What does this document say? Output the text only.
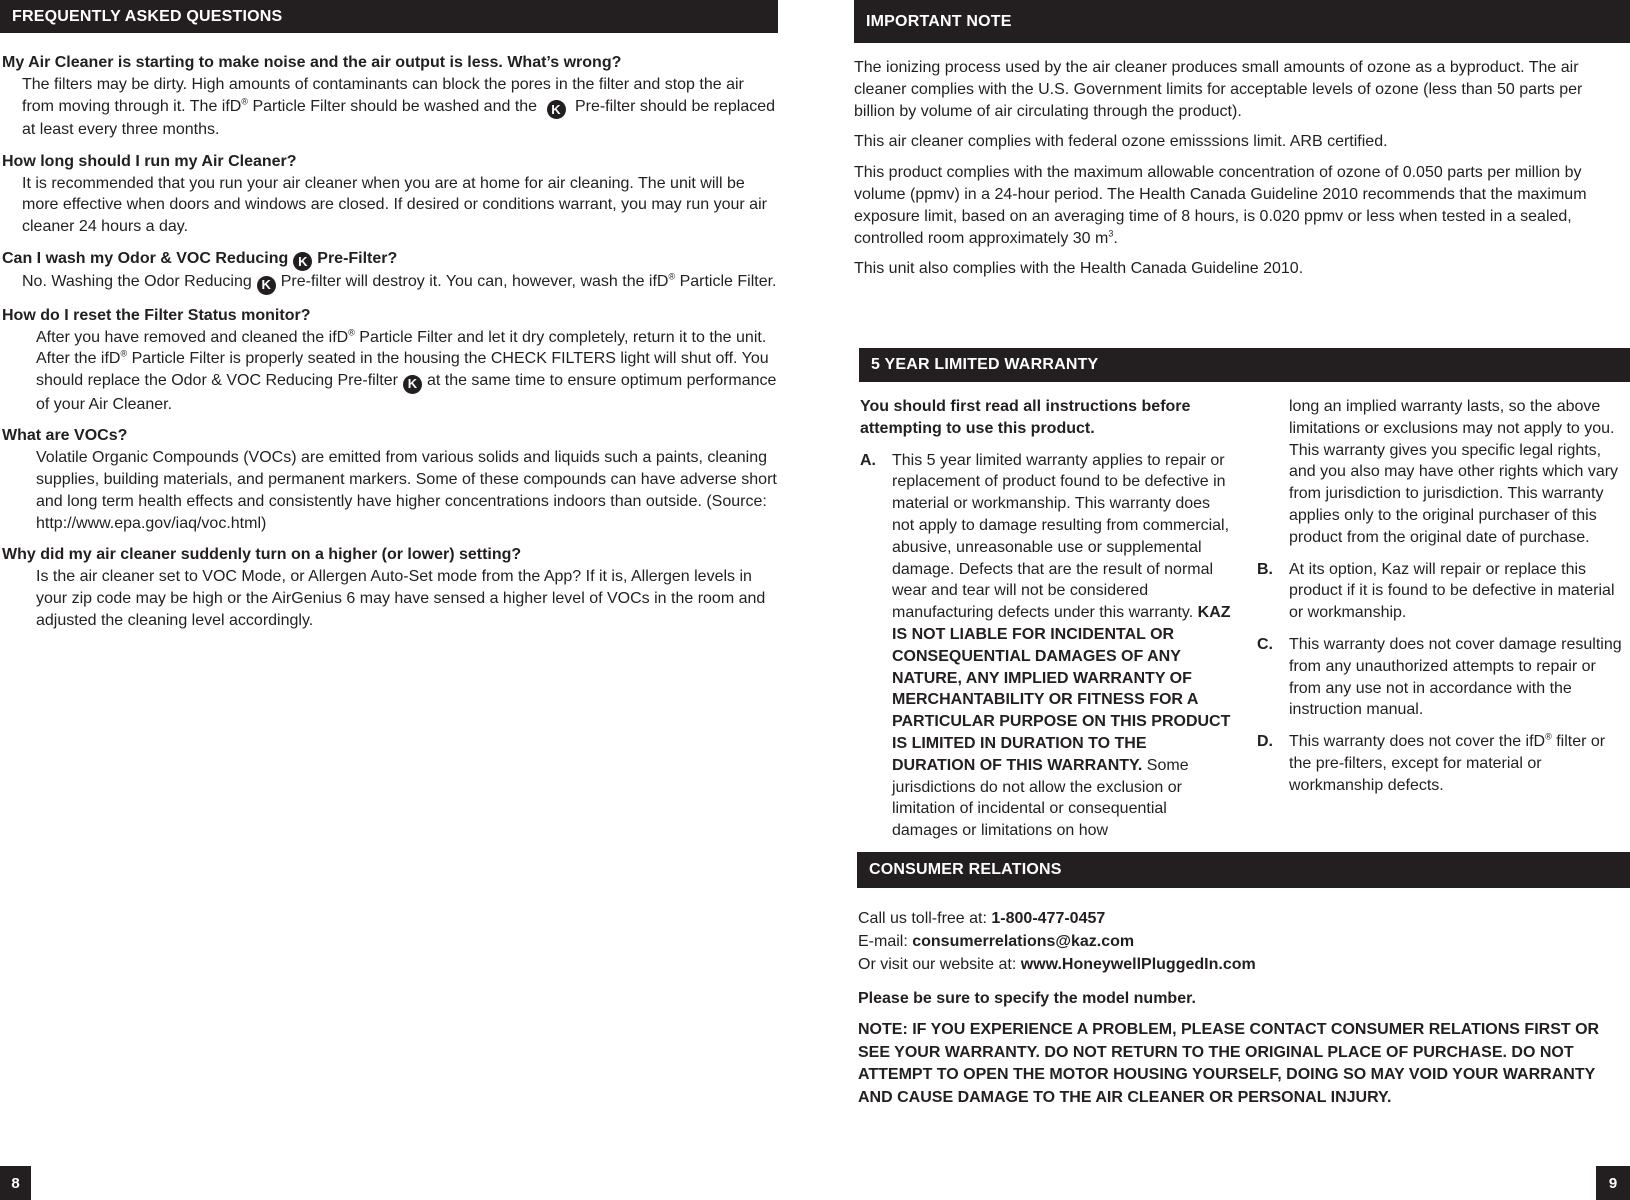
FREQUENTLY ASKED QUESTIONS

My Air Cleaner is starting to make noise and the air output is less. What’s wrong?

The filters may be dirty. High amounts of contaminants can block the pores in the filter and stop the air from moving through it. The ifD® Particle Filter should be washed and the K Pre-filter should be replaced at least every three months.

How long should I run my Air Cleaner?

It is recommended that you run your air cleaner when you are at home for air cleaning. The unit will be more effective when doors and windows are closed. If desired or conditions warrant, you may run your air cleaner 24 hours a day.

Can I wash my Odor & VOC Reducing K Pre-Filter?

No. Washing the Odor Reducing K Pre-filter will destroy it. You can, however, wash the ifD® Particle Filter.

How do I reset the Filter Status monitor?

After you have removed and cleaned the ifD® Particle Filter and let it dry completely, return it to the unit. After the ifD® Particle Filter is properly seated in the housing the CHECK FILTERS light will shut off. You should replace the Odor & VOC Reducing Pre-filter K at the same time to ensure optimum performance of your Air Cleaner.

What are VOCs?

Volatile Organic Compounds (VOCs) are emitted from various solids and liquids such a paints, cleaning supplies, building materials, and permanent markers. Some of these compounds can have adverse short and long term health effects and consistently have higher concentrations indoors than outside. (Source: http://www.epa.gov/iaq/voc.html)

Why did my air cleaner suddenly turn on a higher (or lower) setting?

Is the air cleaner set to VOC Mode, or Allergen Auto-Set mode from the App? If it is, Allergen levels in your zip code may be high or the AirGenius 6 may have sensed a higher level of VOCs in the room and adjusted the cleaning level accordingly.

8
IMPORTANT NOTE

The ionizing process used by the air cleaner produces small amounts of ozone as a byproduct. The air cleaner complies with the U.S. Government limits for acceptable levels of ozone (less than 50 parts per billion by volume of air circulating through the product).

This air cleaner complies with federal ozone emisssions limit. ARB certified.

This product complies with the maximum allowable concentration of ozone of 0.050 parts per million by volume (ppmv) in a 24-hour period. The Health Canada Guideline 2010 recommends that the maximum exposure limit, based on an averaging time of 8 hours, is 0.020 ppmv or less when tested in a sealed, controlled room approximately 30 $m^3$.

This unit also complies with the Health Canada Guideline 2010.

5 YEAR LIMITED WARRANTY

You should first read all instructions before attempting to use this product.

A. This 5 year limited warranty applies to repair or replacement of product found to be defective in material or workmanship. This warranty does not apply to damage resulting from commercial, abusive, unreasonable use or supplemental damage. Defects that are the result of normal wear and tear will not be considered manufacturing defects under this warranty. KAZ IS NOT LIABLE FOR INCIDENTAL OR CONSEQUENTIAL DAMAGES OF ANY NATURE, ANY IMPLIED WARRANTY OF MERCHANTABILITY OR FITNESS FOR A PARTICULAR PURPOSE ON THIS PRODUCT IS LIMITED IN DURATION TO THE DURATION OF THIS WARRANTY. Some jurisdictions do not allow the exclusion or limitation of incidental or consequential damages or limitations on how
long an implied warranty lasts, so the above limitations or exclusions may not apply to you. This warranty gives you specific legal rights, and you also may have other rights which vary from jurisdiction to jurisdiction. This warranty applies only to the original purchaser of this product from the original date of purchase.
B. At its option, Kaz will repair or replace this product if it is found to be defective in material or workmanship.
C. This warranty does not cover damage resulting from any unauthorized attempts to repair or from any use not in accordance with the instruction manual.
D. This warranty does not cover the ifD® filter or the pre-filters, except for material or workmanship defects.
CONSUMER RELATIONS

Call us toll-free at: 1-800-477-0457

E-mail: consumerrelations@kaz.com

Or visit our website at: www.HoneywellPluggedIn.com

Please be sure to specify the model number.

NOTE: IF YOU EXPERIENCE A PROBLEM, PLEASE CONTACT CONSUMER RELATIONS FIRST OR SEE YOUR WARRANTY. DO NOT RETURN TO THE ORIGINAL PLACE OF PURCHASE. DO NOT ATTEMPT TO OPEN THE MOTOR HOUSING YOURSELF, DOING SO MAY VOID YOUR WARRANTY AND CAUSE DAMAGE TO THE AIR CLEANER OR PERSONAL INJURY.

9
